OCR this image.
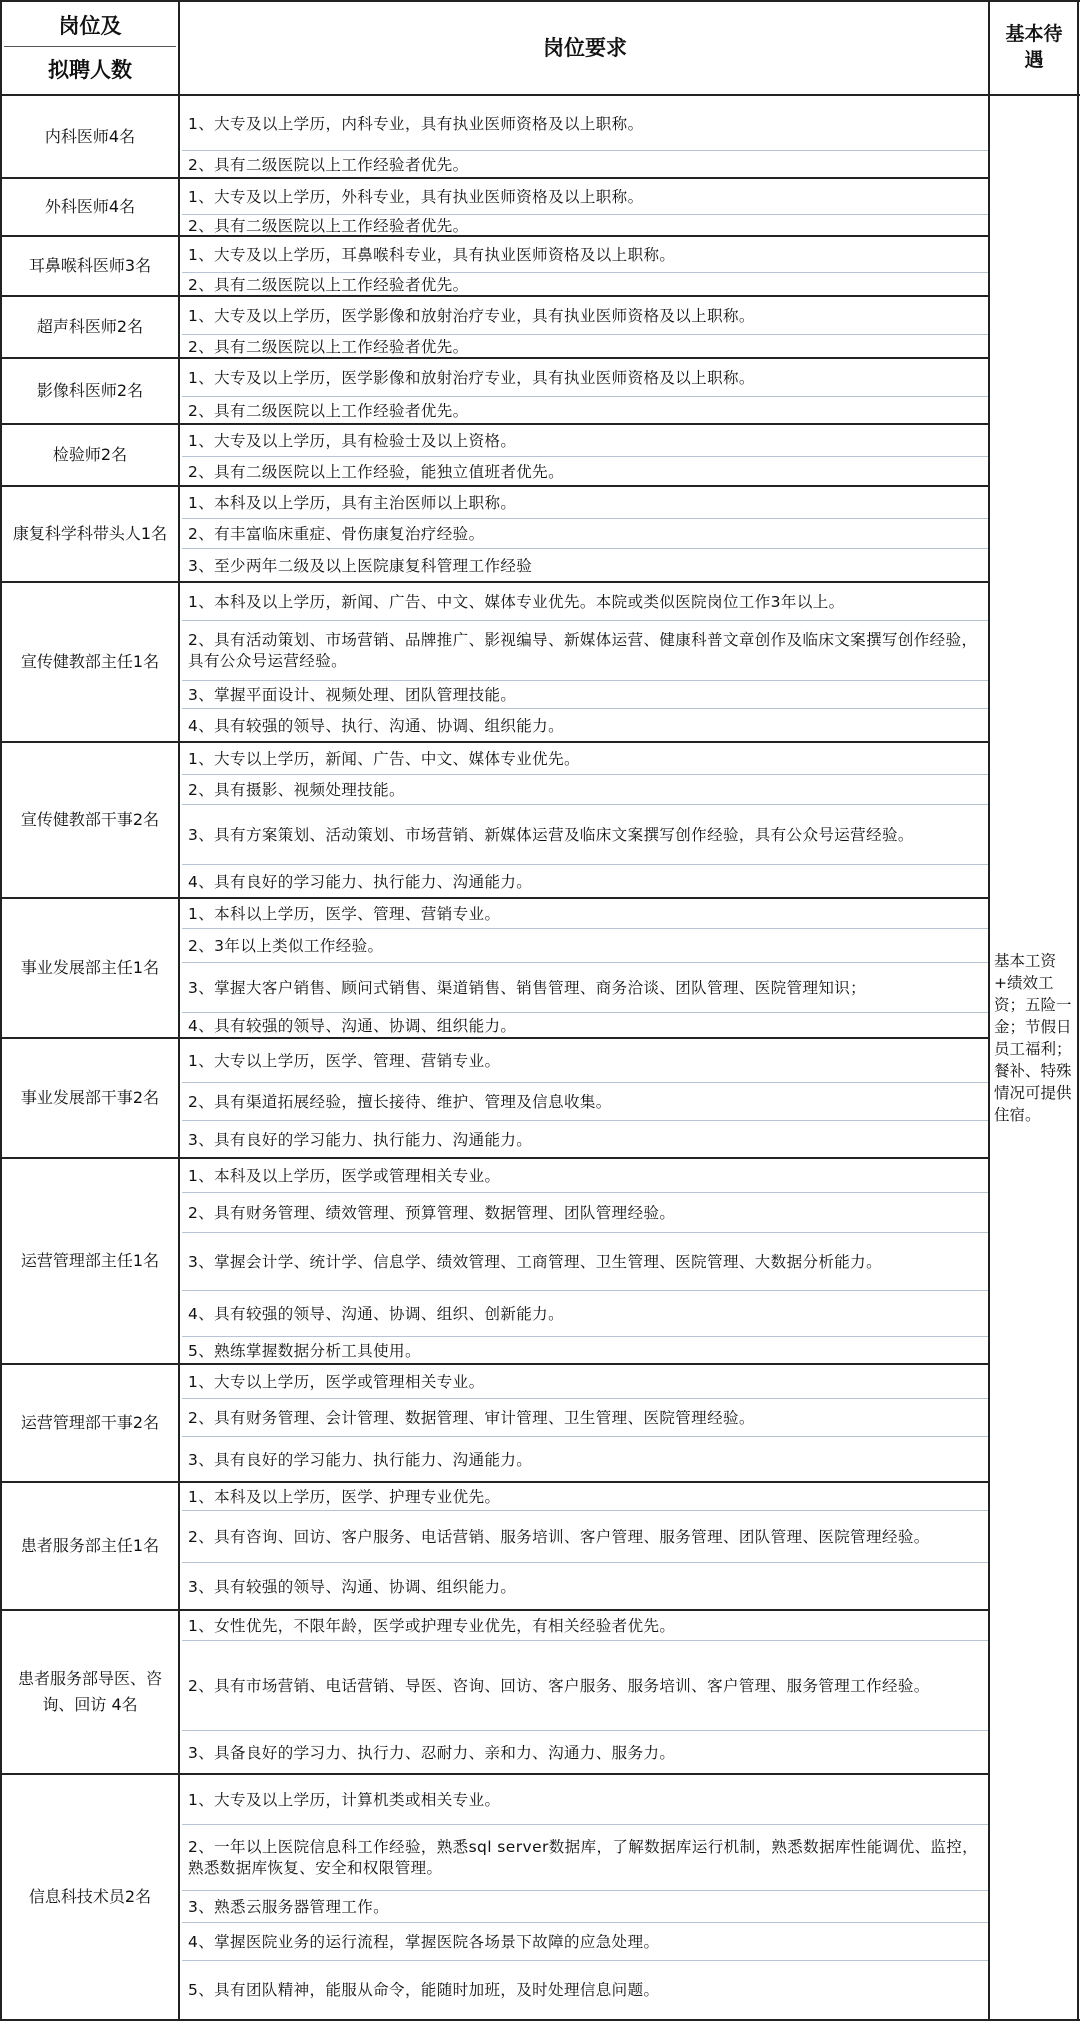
岗位及
拟聘人数
岗位要求
基本待
遇
基本工资+绩效工资；五险一金；节假日员工福利；餐补、特殊情况可提供住宿。
内科医师4名
1、大专及以上学历，内科专业，具有执业医师资格及以上职称。
2、具有二级医院以上工作经验者优先。
外科医师4名
1、大专及以上学历，外科专业，具有执业医师资格及以上职称。
2、具有二级医院以上工作经验者优先。
耳鼻喉科医师3名
1、大专及以上学历，耳鼻喉科专业，具有执业医师资格及以上职称。
2、具有二级医院以上工作经验者优先。
超声科医师2名
1、大专及以上学历，医学影像和放射治疗专业，具有执业医师资格及以上职称。
2、具有二级医院以上工作经验者优先。
影像科医师2名
1、大专及以上学历，医学影像和放射治疗专业，具有执业医师资格及以上职称。
2、具有二级医院以上工作经验者优先。
检验师2名
1、大专及以上学历，具有检验士及以上资格。
2、具有二级医院以上工作经验，能独立值班者优先。
康复科学科带头人1名
1、本科及以上学历，具有主治医师以上职称。
2、有丰富临床重症、骨伤康复治疗经验。
3、至少两年二级及以上医院康复科管理工作经验
宣传健教部主任1名
1、本科及以上学历，新闻、广告、中文、媒体专业优先。本院或类似医院岗位工作3年以上。
2、具有活动策划、市场营销、品牌推广、影视编导、新媒体运营、健康科普文章创作及临床文案撰写创作经验，具有公众号运营经验。
3、掌握平面设计、视频处理、团队管理技能。
4、具有较强的领导、执行、沟通、协调、组织能力。
宣传健教部干事2名
1、大专以上学历，新闻、广告、中文、媒体专业优先。
2、具有摄影、视频处理技能。
3、具有方案策划、活动策划、市场营销、新媒体运营及临床文案撰写创作经验，具有公众号运营经验。
4、具有良好的学习能力、执行能力、沟通能力。
事业发展部主任1名
1、本科以上学历，医学、管理、营销专业。
2、3年以上类似工作经验。
3、掌握大客户销售、顾问式销售、渠道销售、销售管理、商务洽谈、团队管理、医院管理知识；
4、具有较强的领导、沟通、协调、组织能力。
事业发展部干事2名
1、大专以上学历，医学、管理、营销专业。
2、具有渠道拓展经验，擅长接待、维护、管理及信息收集。
3、具有良好的学习能力、执行能力、沟通能力。
运营管理部主任1名
1、本科及以上学历，医学或管理相关专业。
2、具有财务管理、绩效管理、预算管理、数据管理、团队管理经验。
3、掌握会计学、统计学、信息学、绩效管理、工商管理、卫生管理、医院管理、大数据分析能力。
4、具有较强的领导、沟通、协调、组织、创新能力。
5、熟练掌握数据分析工具使用。
运营管理部干事2名
1、大专以上学历，医学或管理相关专业。
2、具有财务管理、会计管理、数据管理、审计管理、卫生管理、医院管理经验。
3、具有良好的学习能力、执行能力、沟通能力。
患者服务部主任1名
1、本科及以上学历，医学、护理专业优先。
2、具有咨询、回访、客户服务、电话营销、服务培训、客户管理、服务管理、团队管理、医院管理经验。
3、具有较强的领导、沟通、协调、组织能力。
患者服务部导医、咨询、回访 4名
1、女性优先，不限年龄，医学或护理专业优先，有相关经验者优先。
2、具有市场营销、电话营销、导医、咨询、回访、客户服务、服务培训、客户管理、服务管理工作经验。
3、具备良好的学习力、执行力、忍耐力、亲和力、沟通力、服务力。
信息科技术员2名
1、大专及以上学历，计算机类或相关专业。
2、一年以上医院信息科工作经验，熟悉sql server数据库，了解数据库运行机制，熟悉数据库性能调优、监控，熟悉数据库恢复、安全和权限管理。
3、熟悉云服务器管理工作。
4、掌握医院业务的运行流程，掌握医院各场景下故障的应急处理。
5、具有团队精神，能服从命令，能随时加班，及时处理信息问题。
